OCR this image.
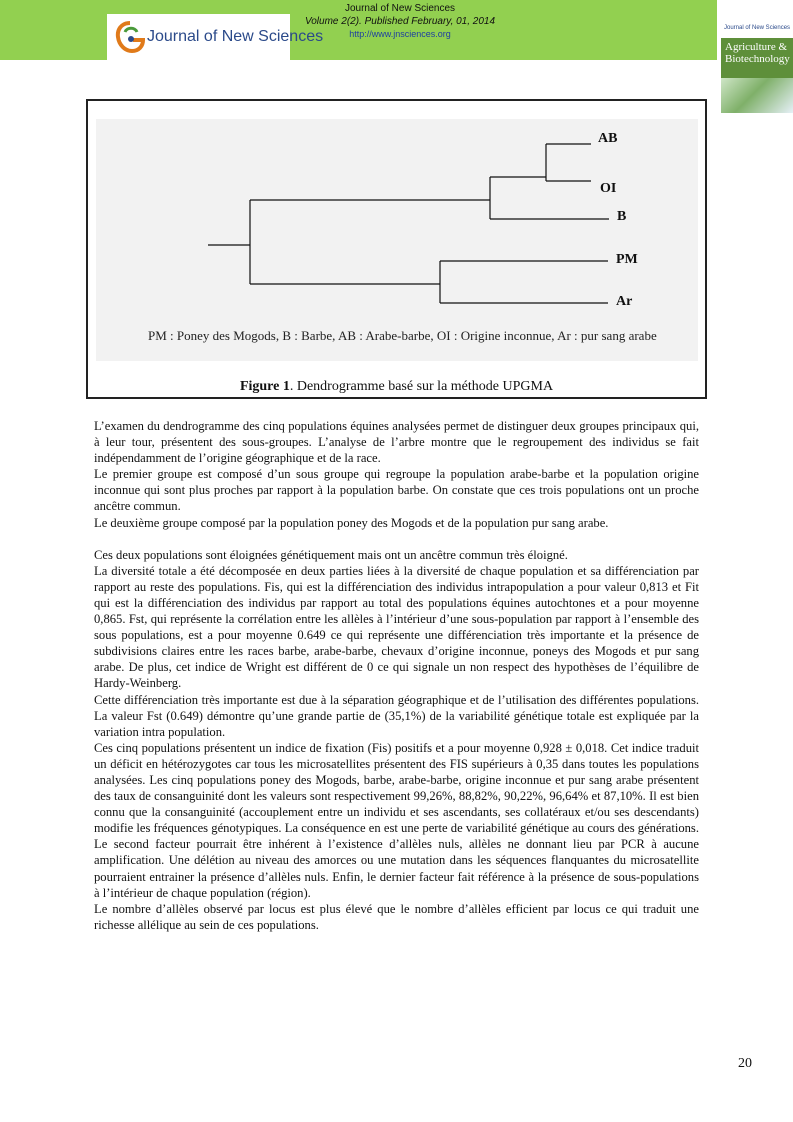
Journal of New Sciences
Journal of New Sciences
Volume 2(2). Published February, 01, 2014
http://www.jnsciences.org
Journal of New Sciences
Agriculture & Biotechnology
AB
OI
B
PM
Ar
PM : Poney des Mogods, B : Barbe, AB : Arabe-barbe, OI : Origine inconnue, Ar : pur sang arabe
Figure 1. Dendrogramme basé sur la méthode UPGMA

L’examen du dendrogramme des cinq populations équines analysées permet de distinguer deux groupes principaux qui, à leur tour, présentent des sous-groupes. L’analyse de l’arbre montre que le regroupement des individus se fait indépendamment de l’origine géographique et de la race.

Le premier groupe est composé d’un sous groupe qui regroupe la population arabe-barbe et la population origine inconnue qui sont plus proches par rapport à la population barbe. On constate que ces trois populations ont un proche ancêtre commun.

Le deuxième groupe composé par la population poney des Mogods et de la population pur sang arabe.

Ces deux populations sont éloignées génétiquement mais ont un ancêtre commun très éloigné.

La diversité totale a été décomposée en deux parties liées à la diversité de chaque population et sa différenciation par rapport au reste des populations. Fis, qui est la différenciation des individus intrapopulation a pour valeur 0,813 et Fit qui est la différenciation des individus par rapport au total des populations équines autochtones et a pour moyenne 0,865. Fst, qui représente la corrélation entre les allèles à l’intérieur d’une sous-population par rapport à l’ensemble des sous populations, est a pour moyenne 0.649 ce qui représente une différenciation très importante et la présence de subdivisions claires entre les races barbe, arabe-barbe, chevaux d’origine inconnue, poneys des Mogods et pur sang arabe. De plus, cet indice de Wright est différent de 0 ce qui signale un non respect des hypothèses de l’équilibre de Hardy-Weinberg.

Cette différenciation très importante est due à la séparation géographique et de l’utilisation des différentes populations. La valeur Fst (0.649) démontre qu’une grande partie de (35,1%) de la variabilité génétique totale est expliquée par la variation intra population.

Ces cinq populations présentent un indice de fixation (Fis) positifs et a pour moyenne 0,928 ± 0,018. Cet indice traduit un déficit en hétérozygotes car tous les microsatellites présentent des FIS supérieurs à 0,35 dans toutes les populations analysées. Les cinq populations poney des Mogods, barbe, arabe-barbe, origine inconnue et pur sang arabe présentent des taux de consanguinité dont les valeurs sont respectivement 99,26%, 88,82%, 90,22%, 96,64% et 87,10%. Il est bien connu que la consanguinité (accouplement entre un individu et ses ascendants, ses collatéraux et/ou ses descendants) modifie les fréquences génotypiques. La conséquence en est une perte de variabilité génétique au cours des générations. Le second facteur pourrait être inhérent à l’existence d’allèles nuls, allèles ne donnant lieu par PCR à aucune amplification. Une délétion au niveau des amorces ou une mutation dans les séquences flanquantes du microsatellite pourraient entrainer la présence d’allèles nuls. Enfin, le dernier facteur fait référence à la présence de sous-populations à l’intérieur de chaque population (région).

Le nombre d’allèles observé par locus est plus élevé que le nombre d’allèles efficient par locus ce qui traduit une richesse allélique au sein de ces populations.

20
